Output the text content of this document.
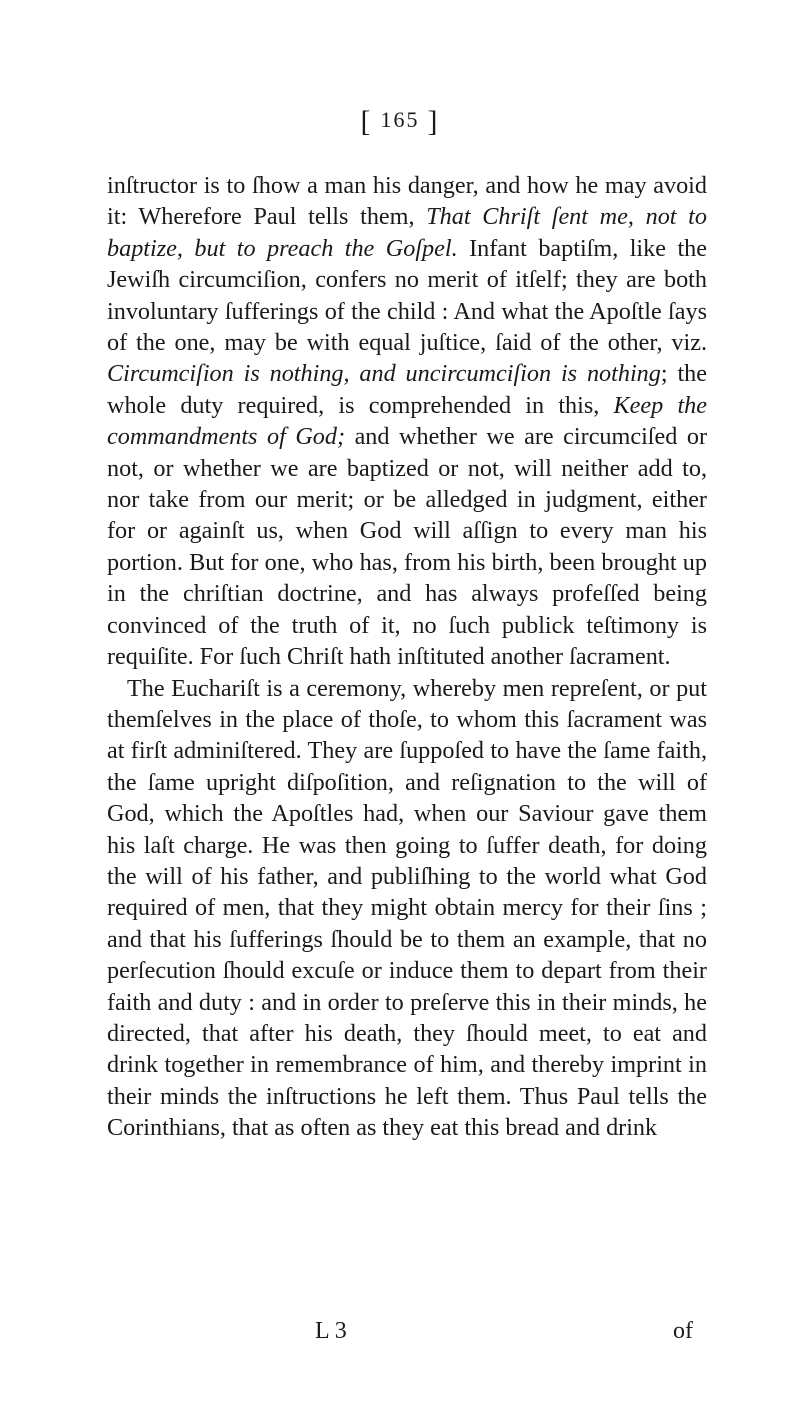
[ 165 ]

inſtructor is to ſhow a man his danger, and how he may avoid it: Wherefore Paul tells them, That Chriſt ſent me, not to baptize, but to preach the Goſpel. Infant baptiſm, like the Jewiſh circumciſion, confers no merit of itſelf; they are both involuntary ſufferings of the child : And what the Apoſtle ſays of the one, may be with equal juſtice, ſaid of the other, viz. Circumciſion is nothing, and uncircumciſion is nothing; the whole duty required, is comprehended in this, Keep the commandments of God; and whether we are circumciſed or not, or whether we are baptized or not, will neither add to, nor take from our merit; or be alledged in judgment, either for or againſt us, when God will aſſign to every man his portion. But for one, who has, from his birth, been brought up in the chriſtian doctrine, and has always profeſſed being convinced of the truth of it, no ſuch publick teſtimony is requiſite. For ſuch Chriſt hath inſtituted another ſacrament.

The Euchariſt is a ceremony, whereby men repreſent, or put themſelves in the place of thoſe, to whom this ſacrament was at firſt adminiſtered. They are ſuppoſed to have the ſame faith, the ſame upright diſpoſition, and reſignation to the will of God, which the Apoſtles had, when our Saviour gave them his laſt charge. He was then going to ſuffer death, for doing the will of his father, and publiſhing to the world what God required of men, that they might obtain mercy for their ſins ; and that his ſufferings ſhould be to them an example, that no perſecution ſhould excuſe or induce them to depart from their faith and duty : and in order to preſerve this in their minds, he directed, that after his death, they ſhould meet, to eat and drink together in remembrance of him, and thereby imprint in their minds the inſtructions he left them. Thus Paul tells the Corinthians, that as often as they eat this bread and drink

L 3	of
